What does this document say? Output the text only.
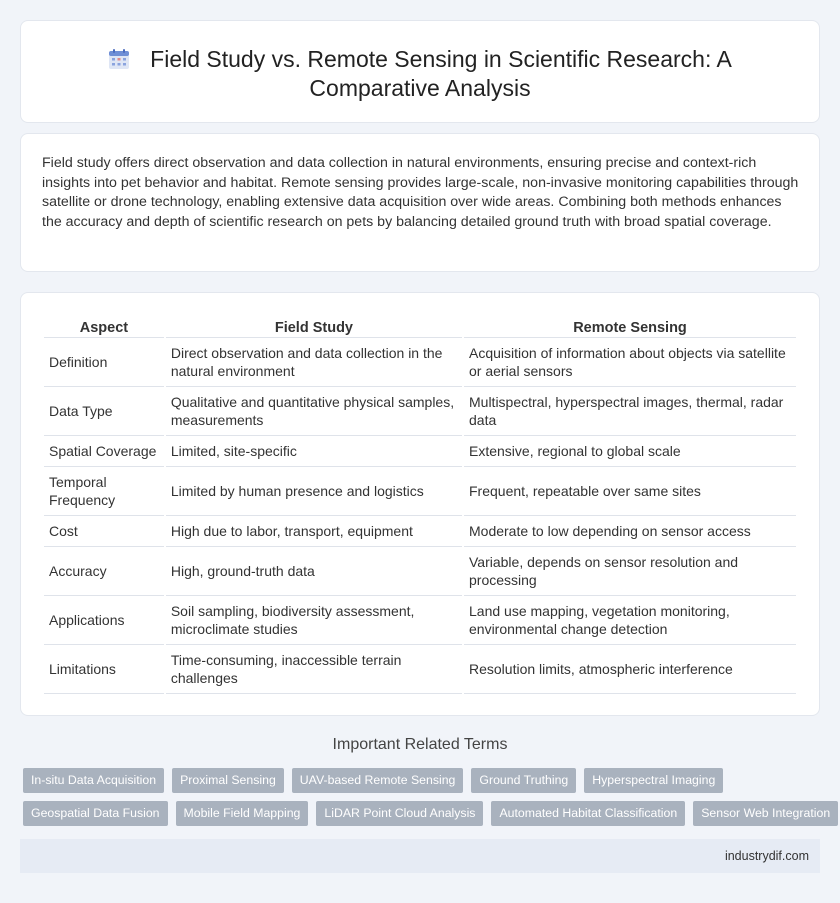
Field Study vs. Remote Sensing in Scientific Research: A Comparative Analysis

Field study offers direct observation and data collection in natural environments, ensuring precise and context-rich insights into pet behavior and habitat. Remote sensing provides large-scale, non-invasive monitoring capabilities through satellite or drone technology, enabling extensive data acquisition over wide areas. Combining both methods enhances the accuracy and depth of scientific research on pets by balancing detailed ground truth with broad spatial coverage.

Aspect	Field Study	Remote Sensing
Definition	Direct observation and data collection in the natural environment	Acquisition of information about objects via satellite or aerial sensors
Data Type	Qualitative and quantitative physical samples, measurements	Multispectral, hyperspectral images, thermal, radar data
Spatial Coverage	Limited, site-specific	Extensive, regional to global scale
Temporal Frequency	Limited by human presence and logistics	Frequent, repeatable over same sites
Cost	High due to labor, transport, equipment	Moderate to low depending on sensor access
Accuracy	High, ground-truth data	Variable, depends on sensor resolution and processing
Applications	Soil sampling, biodiversity assessment, microclimate studies	Land use mapping, vegetation monitoring, environmental change detection
Limitations	Time-consuming, inaccessible terrain challenges	Resolution limits, atmospheric interference
Important Related Terms
In-situ Data Acquisition	Proximal Sensing	UAV-based Remote Sensing	Ground Truthing	Hyperspectral Imaging
Geospatial Data Fusion	Mobile Field Mapping	LiDAR Point Cloud Analysis	Automated Habitat Classification	Sensor Web Integration
industrydif.com
